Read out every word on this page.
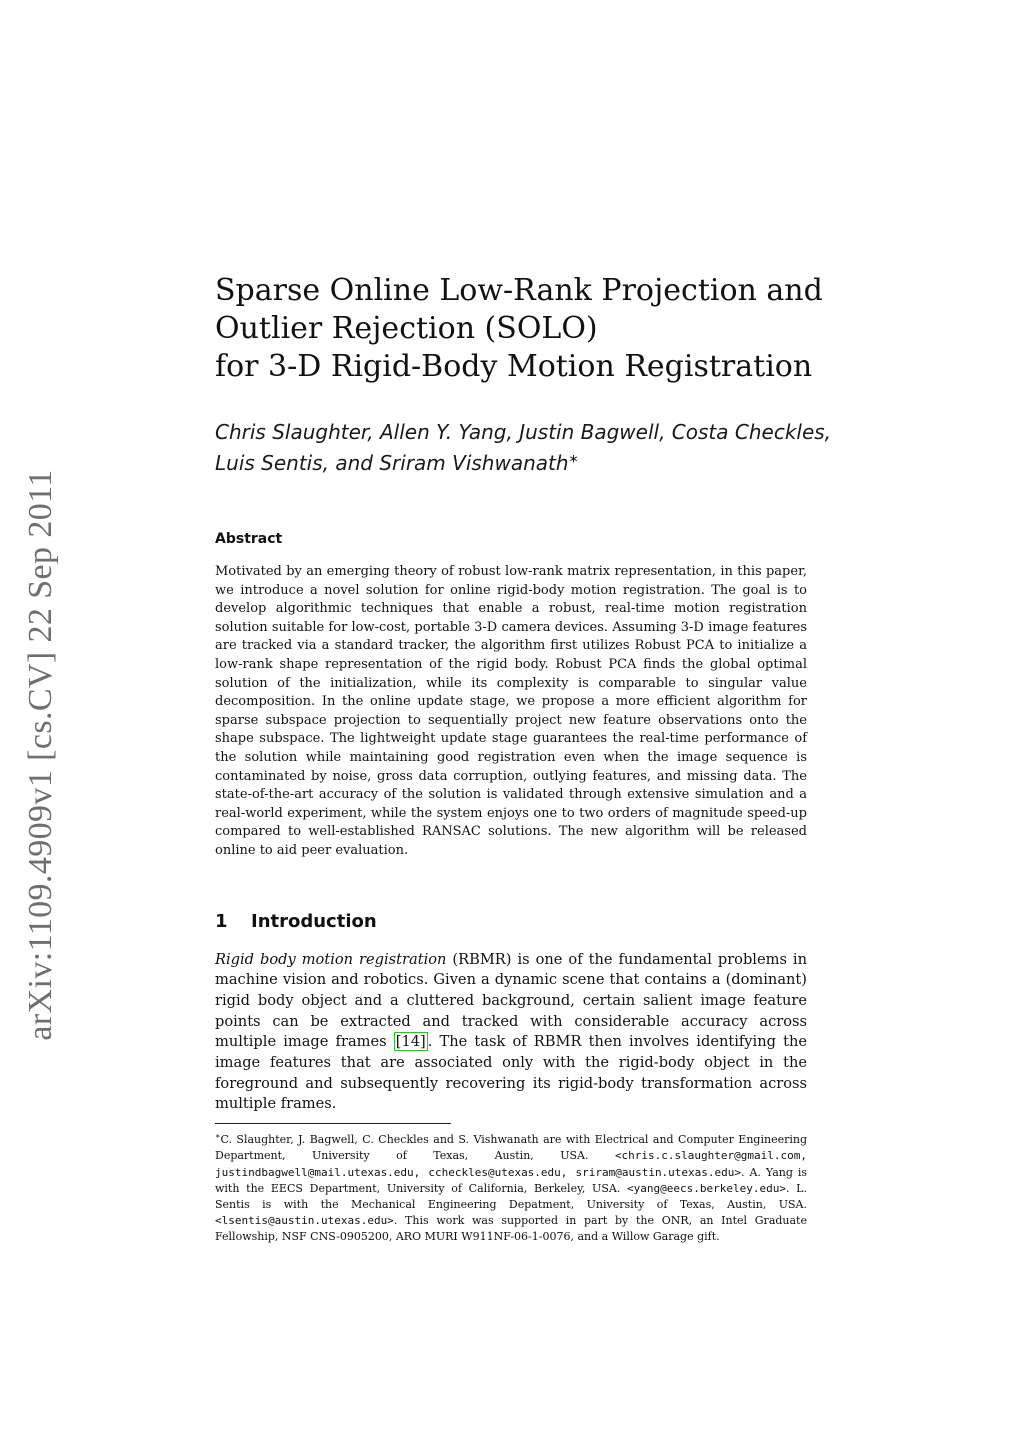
arXiv:1109.4909v1 [cs.CV] 22 Sep 2011
Sparse Online Low-Rank Projection and
Outlier Rejection (SOLO)
for 3-D Rigid-Body Motion Registration
Chris Slaughter, Allen Y. Yang, Justin Bagwell, Costa Checkles,
Luis Sentis, and Sriram Vishwanath∗
Abstract

Motivated by an emerging theory of robust low-rank matrix representation, in this paper, we introduce a novel solution for online rigid-body motion registration. The goal is to develop algorithmic techniques that enable a robust, real-time motion registration solution suitable for low-cost, portable 3-D camera devices. Assuming 3-D image features are tracked via a standard tracker, the algorithm first utilizes Robust PCA to initialize a low-rank shape representation of the rigid body. Robust PCA finds the global optimal solution of the initialization, while its complexity is comparable to singular value decomposition. In the online update stage, we propose a more efficient algorithm for sparse subspace projection to sequentially project new feature observations onto the shape subspace. The lightweight update stage guarantees the real-time performance of the solution while maintaining good registration even when the image sequence is contaminated by noise, gross data corruption, outlying features, and missing data. The state-of-the-art accuracy of the solution is validated through extensive simulation and a real-world experiment, while the system enjoys one to two orders of magnitude speed-up compared to well-established RANSAC solutions. The new algorithm will be released online to aid peer evaluation.

1 Introduction

Rigid body motion registration (RBMR) is one of the fundamental problems in machine vision and robotics. Given a dynamic scene that contains a (dominant) rigid body object and a cluttered background, certain salient image feature points can be extracted and tracked with considerable accuracy across multiple image frames [14] . The task of RBMR then involves identifying the image features that are associated only with the rigid-body object in the foreground and subsequently recovering its rigid-body transformation across multiple frames.

∗C. Slaughter, J. Bagwell, C. Checkles and S. Vishwanath are with Electrical and Computer Engineering Department, University of Texas, Austin, USA. <chris.c.slaughter@gmail.com, justindbagwell@mail.utexas.edu, ccheckles@utexas.edu, sriram@austin.utexas.edu>. A. Yang is with the EECS Department, University of California, Berkeley, USA. <yang@eecs.berkeley.edu>. L. Sentis is with the Mechanical Engineering Depatment, University of Texas, Austin, USA. <lsentis@austin.utexas.edu>. This work was supported in part by the ONR, an Intel Graduate Fellowship, NSF CNS-0905200, ARO MURI W911NF-06-1-0076, and a Willow Garage gift.
